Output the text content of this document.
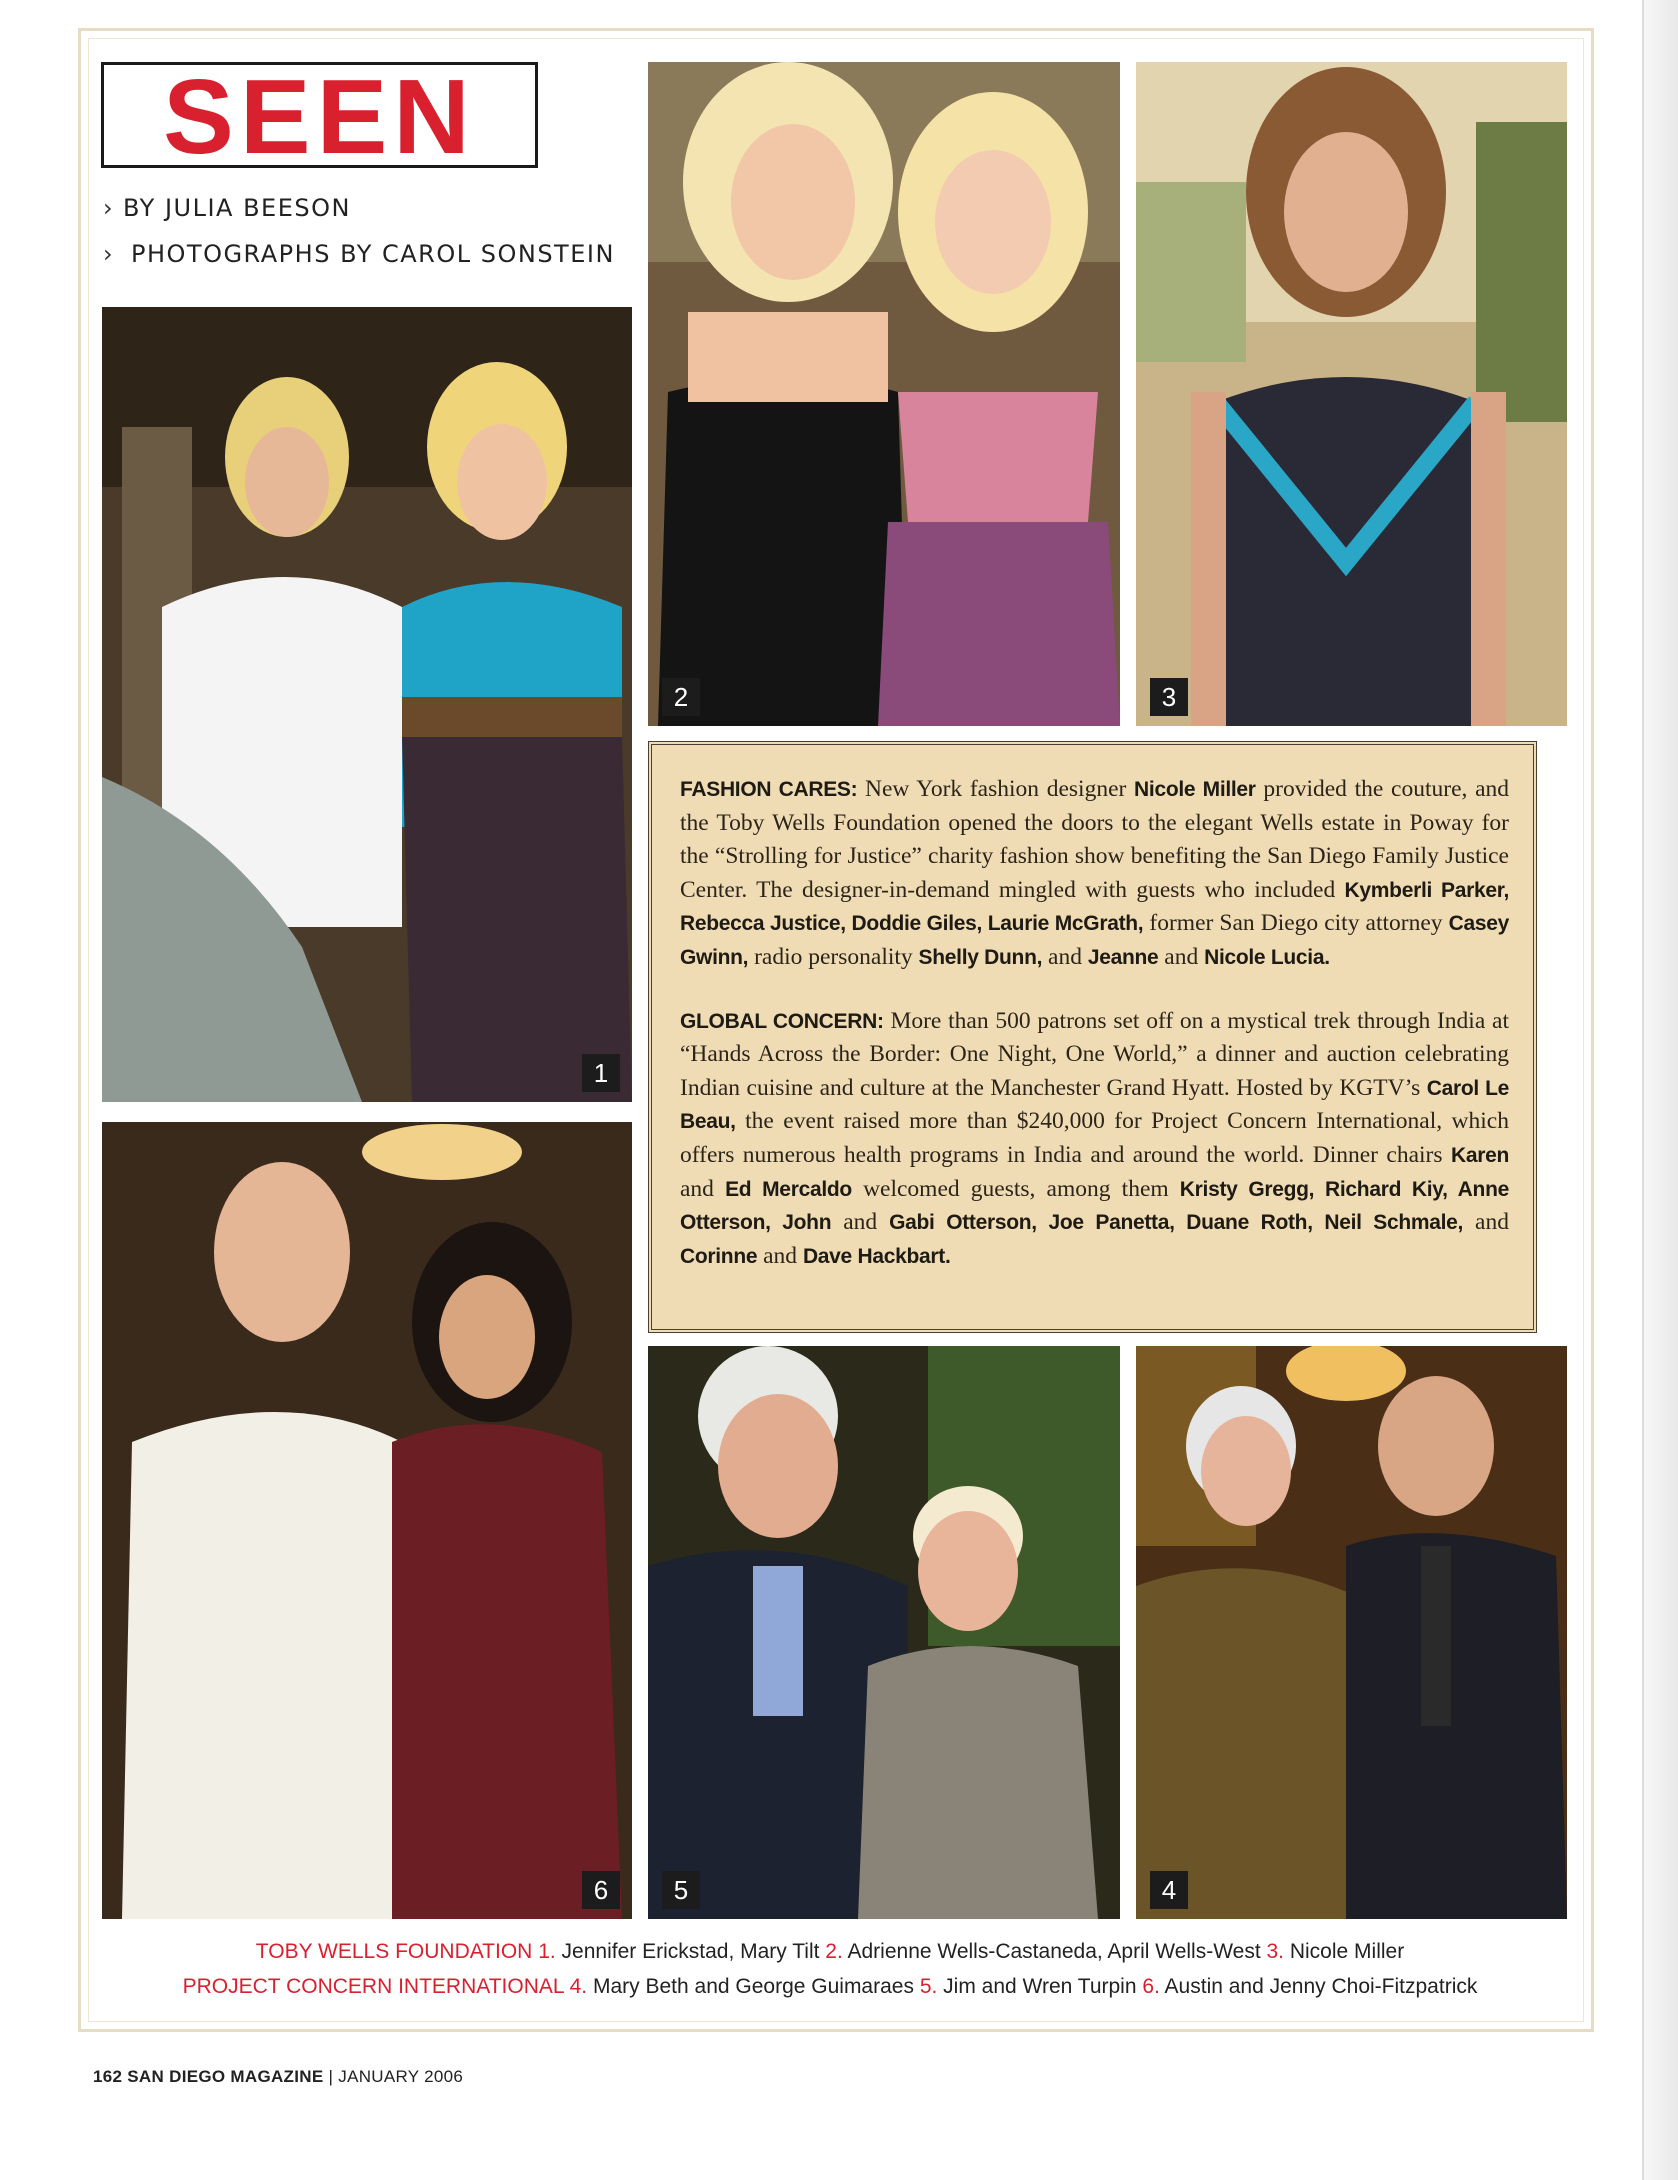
SEEN
› BY JULIA BEESON
› PHOTOGRAPHS BY CAROL SONSTEIN
1
2	3
6	5	4

FASHION CARES: New York fashion designer Nicole Miller provided the couture, and the Toby Wells Foundation opened the doors to the elegant Wells estate in Poway for the “Strolling for Justice” charity fashion show benefiting the San Diego Family Justice Center. The designer-in-demand mingled with guests who included Kymberli Parker, Rebecca Justice, Doddie Giles, Laurie McGrath, former San Diego city attorney Casey Gwinn, radio personality Shelly Dunn, and Jeanne and Nicole Lucia.

GLOBAL CONCERN: More than 500 patrons set off on a mystical trek through India at “Hands Across the Border: One Night, One World,” a dinner and auction celebrating Indian cuisine and culture at the Manchester Grand Hyatt. Hosted by KGTV’s Carol Le Beau, the event raised more than $240,000 for Project Concern International, which offers numerous health programs in India and around the world. Dinner chairs Karen and Ed Mercaldo welcomed guests, among them Kristy Gregg, Richard Kiy, Anne Otterson, John and Gabi Otterson, Joe Panetta, Duane Roth, Neil Schmale, and Corinne and Dave Hackbart.

TOBY WELLS FOUNDATION 1. Jennifer Erickstad, Mary Tilt 2. Adrienne Wells-Castaneda, April Wells-West 3. Nicole Miller
PROJECT CONCERN INTERNATIONAL 4. Mary Beth and George Guimaraes 5. Jim and Wren Turpin 6. Austin and Jenny Choi-Fitzpatrick
162 SAN DIEGO MAGAZINE | JANUARY 2006
